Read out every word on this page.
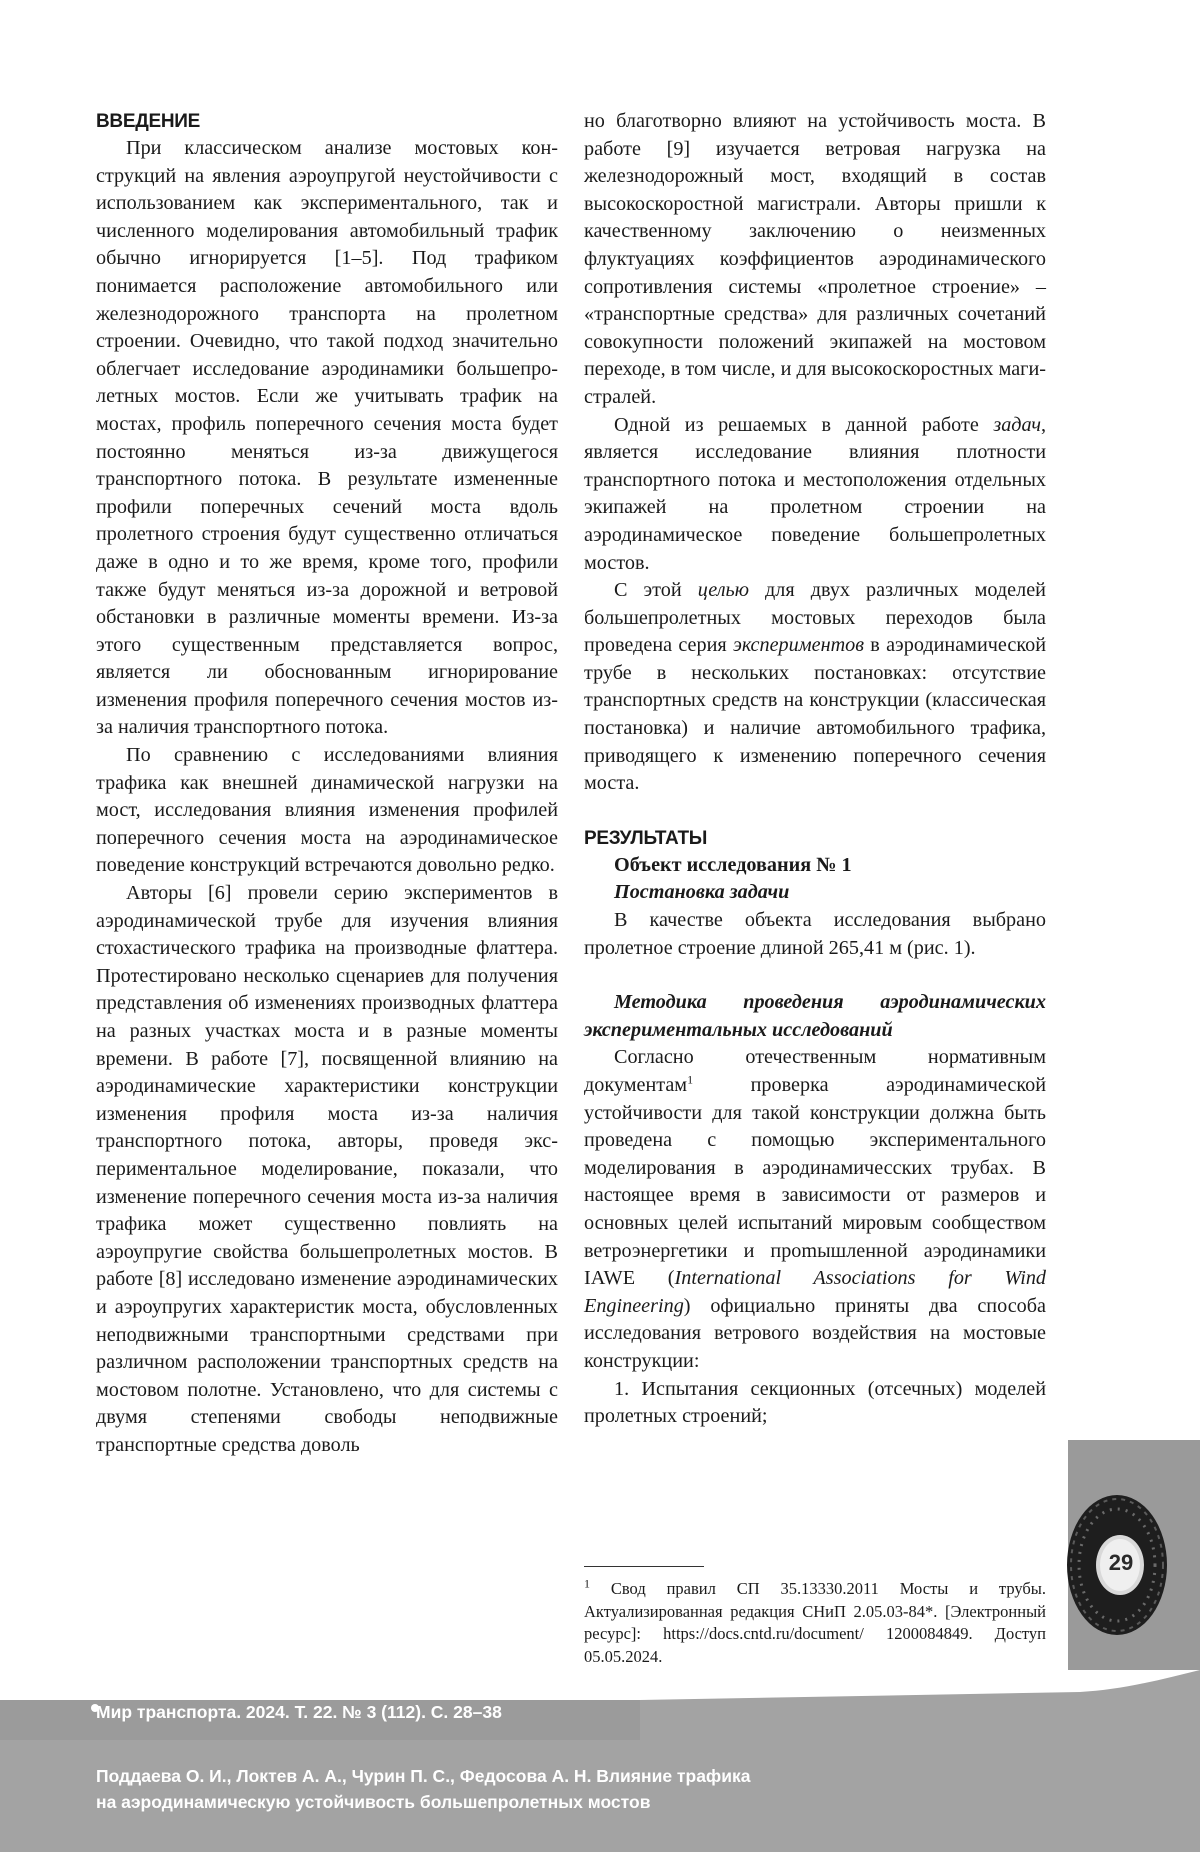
ВВЕДЕНИЕ

При классическом анализе мостовых конструкций на явления аэроупругой неустойчивости с использованием как экспериментального, так и численного моделирования автомобильный трафик обычно игнорируется [1–5]. Под трафиком понимается расположение автомобильного или железнодорожного транспорта на пролетном строении. Очевидно, что такой подход значительно облегчает исследование аэродинамики большепролетных мостов. Если же учитывать трафик на мостах, профиль поперечного сечения моста будет постоянно меняться из-за движущегося транспортного потока. В результате измененные профили поперечных сечений моста вдоль пролетного строения будут существенно отличаться даже в одно и то же время, кроме того, профили также будут меняться из-за дорожной и ветровой обстановки в различные моменты времени. Из-за этого существенным представляется вопрос, является ли обоснованным игнорирование изменения профиля поперечного сечения мостов из-за наличия транспортного потока.

По сравнению с исследованиями влияния трафика как внешней динамической нагрузки на мост, исследования влияния изменения профилей поперечного сечения моста на аэродинамическое поведение конструкций встречаются довольно редко.

Авторы [6] провели серию экспериментов в аэродинамической трубе для изучения влияния стохастического трафика на производные флаттера. Протестировано несколько сценариев для получения представления об изменениях производных флаттера на разных участках моста и в разные моменты времени. В работе [7], посвященной влиянию на аэродинамические характеристики конструкции изменения профиля моста из-за наличия транспортного потока, авторы, проведя экспериментальное моделирование, показали, что изменение поперечного сечения моста из-за наличия трафика может существенно повлиять на аэроупругие свойства большепролетных мостов. В работе [8] исследовано изменение аэродинамических и аэроупругих характеристик моста, обусловленных неподвижными транспортными средствами при различном расположении транспортных средств на мостовом полотне. Установлено, что для системы с двумя степенями свободы неподвижные транспортные средства доволь

но благотворно влияют на устойчивость моста. В работе [9] изучается ветровая нагрузка на железнодорожный мост, входящий в состав высокоскоростной магистрали. Авторы пришли к качественному заключению о неизменных флуктуациях коэффициентов аэродинамического сопротивления системы «пролетное строение» – «транспортные средства» для различных сочетаний совокупности положений экипажей на мостовом переходе, в том числе, и для высокоскоростных магистралей.

Одной из решаемых в данной работе задач, является исследование влияния плотности транспортного потока и местоположения отдельных экипажей на пролетном строении на аэродинамическое поведение большепролетных мостов.

С этой целью для двух различных моделей большепролетных мостовых переходов была проведена серия экспериментов в аэродинамической трубе в нескольких постановках: отсутствие транспортных средств на конструкции (классическая постановка) и наличие автомобильного трафика, приводящего к изменению поперечного сечения моста.

РЕЗУЛЬТАТЫ

Объект исследования № 1

Постановка задачи

В качестве объекта исследования выбрано пролетное строение длиной 265,41 м (рис. 1).

Методика проведения аэродинамических экспериментальных исследований

Согласно отечественным нормативным документам$^1$ проверка аэродинамической устойчивости для такой конструкции должна быть проведена с помощью экспериментального моделирования в аэродинамичесских трубах. В настоящее время в зависимости от размеров и основных целей испытаний мировым сообществом ветроэнергетики и проmышленной аэродинамики IAWE (International Associations for Wind Engineering) официально приняты два способа исследования ветрового воздействия на мостовые конструкции:

1. Испытания секционных (отсечных) моделей пролетных строений;

$^1$ Свод правил СП 35.13330.2011 Мосты и трубы. Актуализированная редакция СНиП 2.05.03-84*. [Электронный ресурс]: https://docs.cntd.ru/document/ 1200084849. Доступ 05.05.2024.

29
Мир транспорта. 2024. Т. 22. № 3 (112). С. 28–38
Поддаева О. И., Локтев А. А., Чурин П. С., Федосова А. Н. Влияние трафика
на аэродинамическую устойчивость большепролетных мостов
